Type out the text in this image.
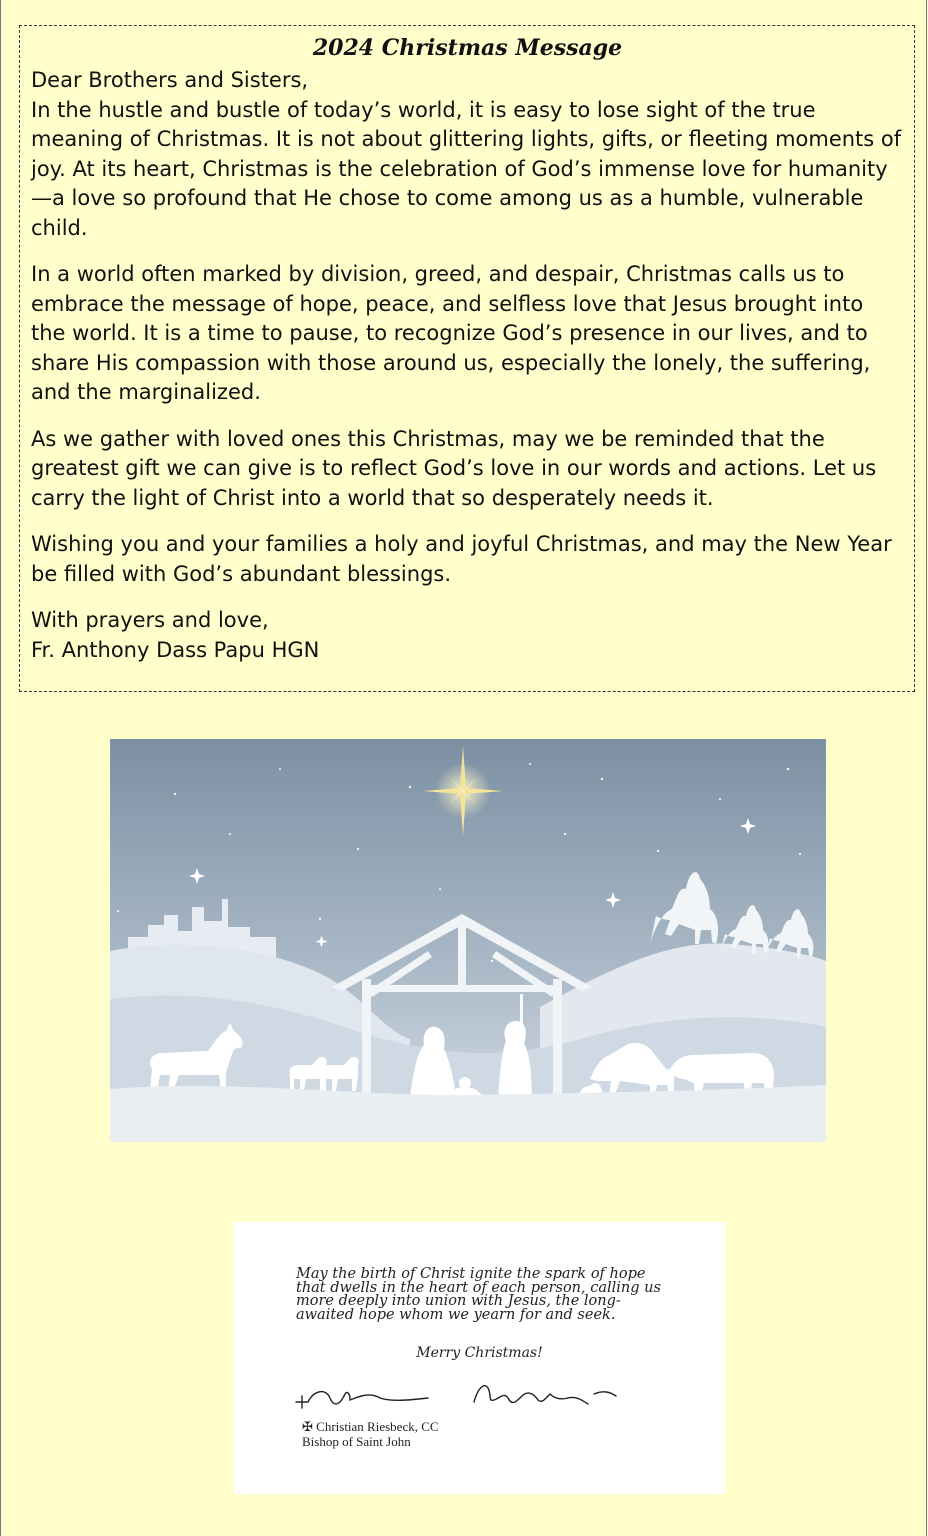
2024 Christmas Message

Dear Brothers and Sisters,
In the hustle and bustle of today’s world, it is easy to lose sight of the true meaning of Christmas. It is not about glittering lights, gifts, or fleeting moments of joy. At its heart, Christmas is the celebration of God’s immense love for humanity—a love so profound that He chose to come among us as a humble, vulnerable child.

In a world often marked by division, greed, and despair, Christmas calls us to embrace the message of hope, peace, and selfless love that Jesus brought into the world. It is a time to pause, to recognize God’s presence in our lives, and to share His compassion with those around us, especially the lonely, the suffering, and the marginalized.

As we gather with loved ones this Christmas, may we be reminded that the greatest gift we can give is to reflect God’s love in our words and actions. Let us carry the light of Christ into a world that so desperately needs it.

Wishing you and your families a holy and joyful Christmas, and may the New Year be filled with God’s abundant blessings.

With prayers and love,
Fr. Anthony Dass Papu HGN

May the birth of Christ ignite the spark of hope that dwells in the heart of each person, calling us more deeply into union with Jesus, the long-awaited hope whom we yearn for and seek.
Merry Christmas!
✠ Christian Riesbeck, CC
Bishop of Saint John
